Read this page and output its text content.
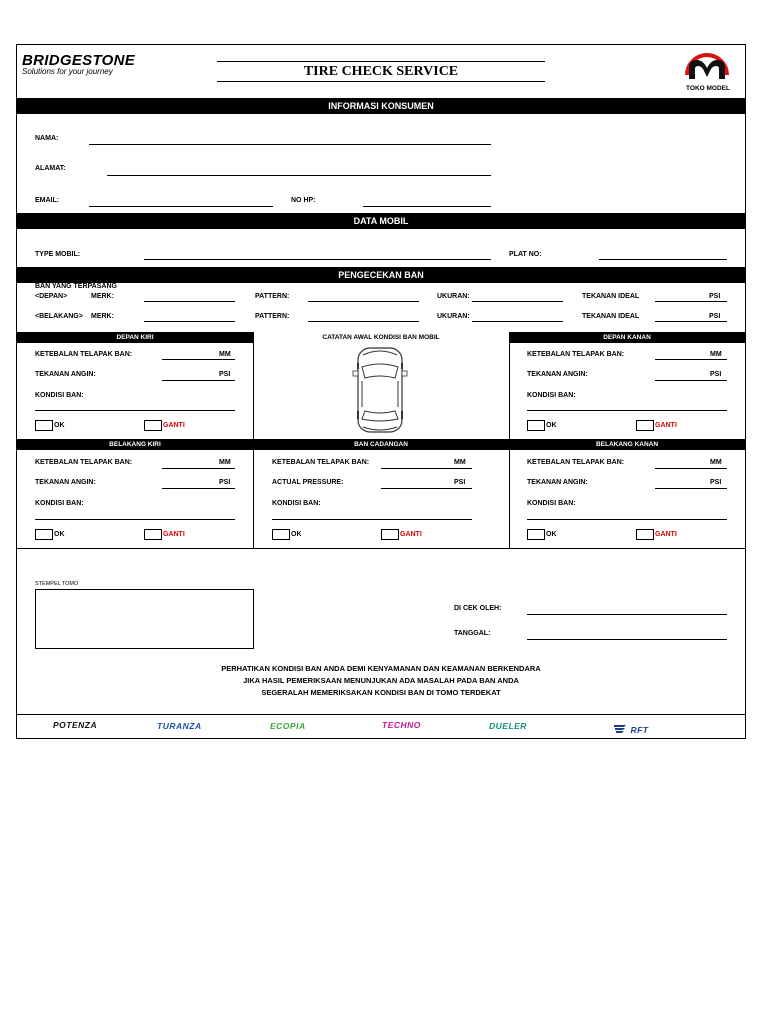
BRIDGESTONE
Solutions for your journey	TIRE CHECK SERVICE
TOKO MODEL
INFORMASI KONSUMEN
NAMA:
ALAMAT:
EMAIL:	NO HP:
DATA MOBIL
TYPE MOBIL:	PLAT NO:
PENGECEKAN BAN
BAN YANG TERPASANG
<DEPAN>	MERK:	PATTERN:	UKURAN:	TEKANAN IDEAL	PSI
<BELAKANG> MERK:	PATTERN:	UKURAN:	TEKANAN IDEAL	PSI
DEPAN KIRI	CATATAN AWAL KONDISI BAN MOBIL	DEPAN KANAN
KETEBALAN TELAPAK BAN:	MM
TEKANAN ANGIN:	PSI
KONDISI BAN:
OK	GANTI
KETEBALAN TELAPAK BAN:	MM
TEKANAN ANGIN:	PSI
KONDISI BAN:
OK	GANTI
BELAKANG KIRI	BAN CADANGAN	BELAKANG KANAN
KETEBALAN TELAPAK BAN:	MM
TEKANAN ANGIN:	PSI
KONDISI BAN:
OK	GANTI
KETEBALAN TELAPAK BAN:	MM
ACTUAL PRESSURE:	PSI
KONDISI BAN:
OK	GANTI
KETEBALAN TELAPAK BAN:	MM
TEKANAN ANGIN:	PSI
KONDISI BAN:
OK	GANTI
STEMPEL TOMO
DI CEK OLEH:
TANGGAL:
PERHATIKAN KONDISI BAN ANDA DEMI KENYAMANAN DAN KEAMANAN BERKENDARA
JIKA HASIL PEMERIKSAAN MENUNJUKAN ADA MASALAH PADA BAN ANDA
SEGERALAH MEMERIKSAKAN KONDISI BAN DI TOMO TERDEKAT
POTENZA	TURANZA	ECOPIA	TECHNO	DUELER	RFT
